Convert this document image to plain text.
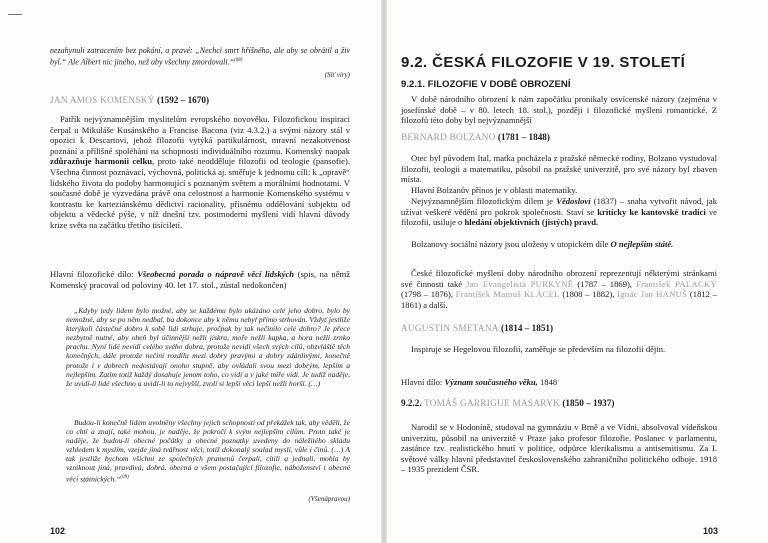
nezahynuli zatracením bez pokání, a pravé: „Nechci smrt hříšného, ale aby se obrátil a živ byl.“ Ale Albert nic jiného, než aby všechny zmordovali.“$^{(08)}$

(Síť víry)
JAN AMOS KOMENSKÝ (1592 – 1670)

Patřík nejvýznamnějším myslitelům evropského novověku. Filozofickou inspiraci čerpal u Mikuláše Kusánského a Francise Bacona (viz 4.3.2.) a svými názory stál v opozici k Descartovi, jehož filozofii vytýká partikulárnost, mravní nezakotvenost poznání a přílišné spoléhání na schopnosti individuálního rozumu. Komenský naopak zdůrazňuje harmonii celku, proto také neodděluje filozofii od teologie (pansofie). Všechna činnost poznávací, výchovná, politická aj. směřuje k jednomu cíli: k „opravě“ lidského života do podoby harmonující s poznaným světem a morálními hodnotami. V současné době je vyzvedána právě ona celostnost a harmonie Komenského systému v kontrastu ke karteziánskému dědictví racionality, přísnému oddělování subjektu od objektu a vědecké pýše, v níž dnešní tzv. postmoderní myšlení vidí hlavní důvody krize světa na začátku třetího tisíciletí.

Hlavní filozofické dílo: Všeobecná porada o nápravě věcí lidských (spis, na němž Komenský pracoval od poloviny 40. let 17. stol., zůstal nedokončen)

„Kdyby tedy lidem bylo možné, aby se každému bylo ukázáno celé jeho dobro, bylo by nemožné, aby se po něm nedbal, ba dokonce aby k němu nebyl přímo strhován. Vždyť jestliže kterýkoli částečné dobro k sobě lidi strhuje, pročpak by tak nečinilo celé dobro? Je přece nezbytně nutné, aby oheň byl účinnější nežli jiskra, moře nežli kapka, a hora nežli zrnko prachu. Nyní lidé nevidí celého svého dobra, protože nevidí všech svých cílů, obzvláště těch konečných, dále protože nečiní rozdílu mezi dobry pravými a dobry zdánlivými, konečně protože i v dobrech nedostávají onoho stupně, aby ovládali svou mezi dobrým, lepším a nejlepším. Zatím totiž každý dosahuje jenom toho, co vidí a v jaké míře vidí. Je tudíž naděje, že uvidí-li lidé všechno a uvidí-li to nejvyšší, zvolí si lepší věci lepší nežli horší. (…)

Budou-li konečně lidem uvolněny všechny jejich schopnosti od překážek tak, aby věděli, že co chtí a znají, také mohou, je naděje, že pokročí k svým nejlepším cílům. Proto také je naděje, že budou-li obecné počátky a obecné poznatky uvedeny do náležitého skladu vzhledem k myslím, vzejde jiná tvářnost věci, totiž dokonalý soulad myslí, vůle i činů. (…) A tak jestliže bychom všichni ze společných pramenů čerpali, cítili a jednali, mohla by vzniknout jiná, pravdivá, dobrá, obecná a všem postačující filozofie, náboženství i obecné věci státnických.“$^{(09)}$

(Všenápravou)
102
9.2. ČESKÁ FILOZOFIE V 19. STOLETÍ
9.2.1. FILOZOFIE V DOBĚ OBROZENÍ

V době národního obrození k nám započátku pronikaly osvícenské názory (zejména v josefínské době – v 80. letech 18. stol.), později i filozofické myšlení romantické. Z filozofů této doby byl nejvýznamnější

BERNARD BOLZANO (1781 – 1848)

Otec byl původem Ital, matka pocházela z pražské německé rodiny, Bolzano vystudoval filozofii, teologii a matematiku, působil na pražské univerzitě, pro své názory byl zbaven místa.

Hlavní Bolzanův přínos je v oblasti matematiky.

Nejvýznamnějším filozofickým dílem je Vědosloví (1837) – snaha vytvořit návod, jak užívat veškeré vědění pro pokrok společnosti. Staví se kriticky ke kantovské tradici ve filozofii, usiluje o hledání objektivních (jistých) pravd.

Bolzanovy sociální názory jsou uloženy v utopickém díle O nejlepším státě.

České filozofické myšlení doby národního obrození reprezentují některými stránkami své činnosti také Jan Evangelista PURKYNĚ (1787 – 1869), František PALACKÝ (1798 – 1876), František Matouš KLÁCEL (1808 – 1882), Ignác Jan HANUŠ (1812 – 1861) a další.

AUGUSTIN SMETANA (1814 – 1851)

Inspiruje se Hegelovou filozofií, zaměřuje se především na filozofii dějin.

Hlavní dílo: Význam současného věku, 1848

9.2.2. TOMÁŠ GARRIGUE MASARYK (1850 – 1937)

Narodil se v Hodoníně, studoval na gymnáziu v Brně a ve Vídni, absolvoval vídeňskou univerzitu, působil na univerzitě v Praze jako profesor filozofie. Poslanec v parlamentu, zastánce tzv. realistického hnutí v politice, odpůrce klerikalismu a antisemitismu. Za I. světové války hlavní představitel československého zahraničního politického odboje. 1918 – 1935 prezident ČSR.

103
